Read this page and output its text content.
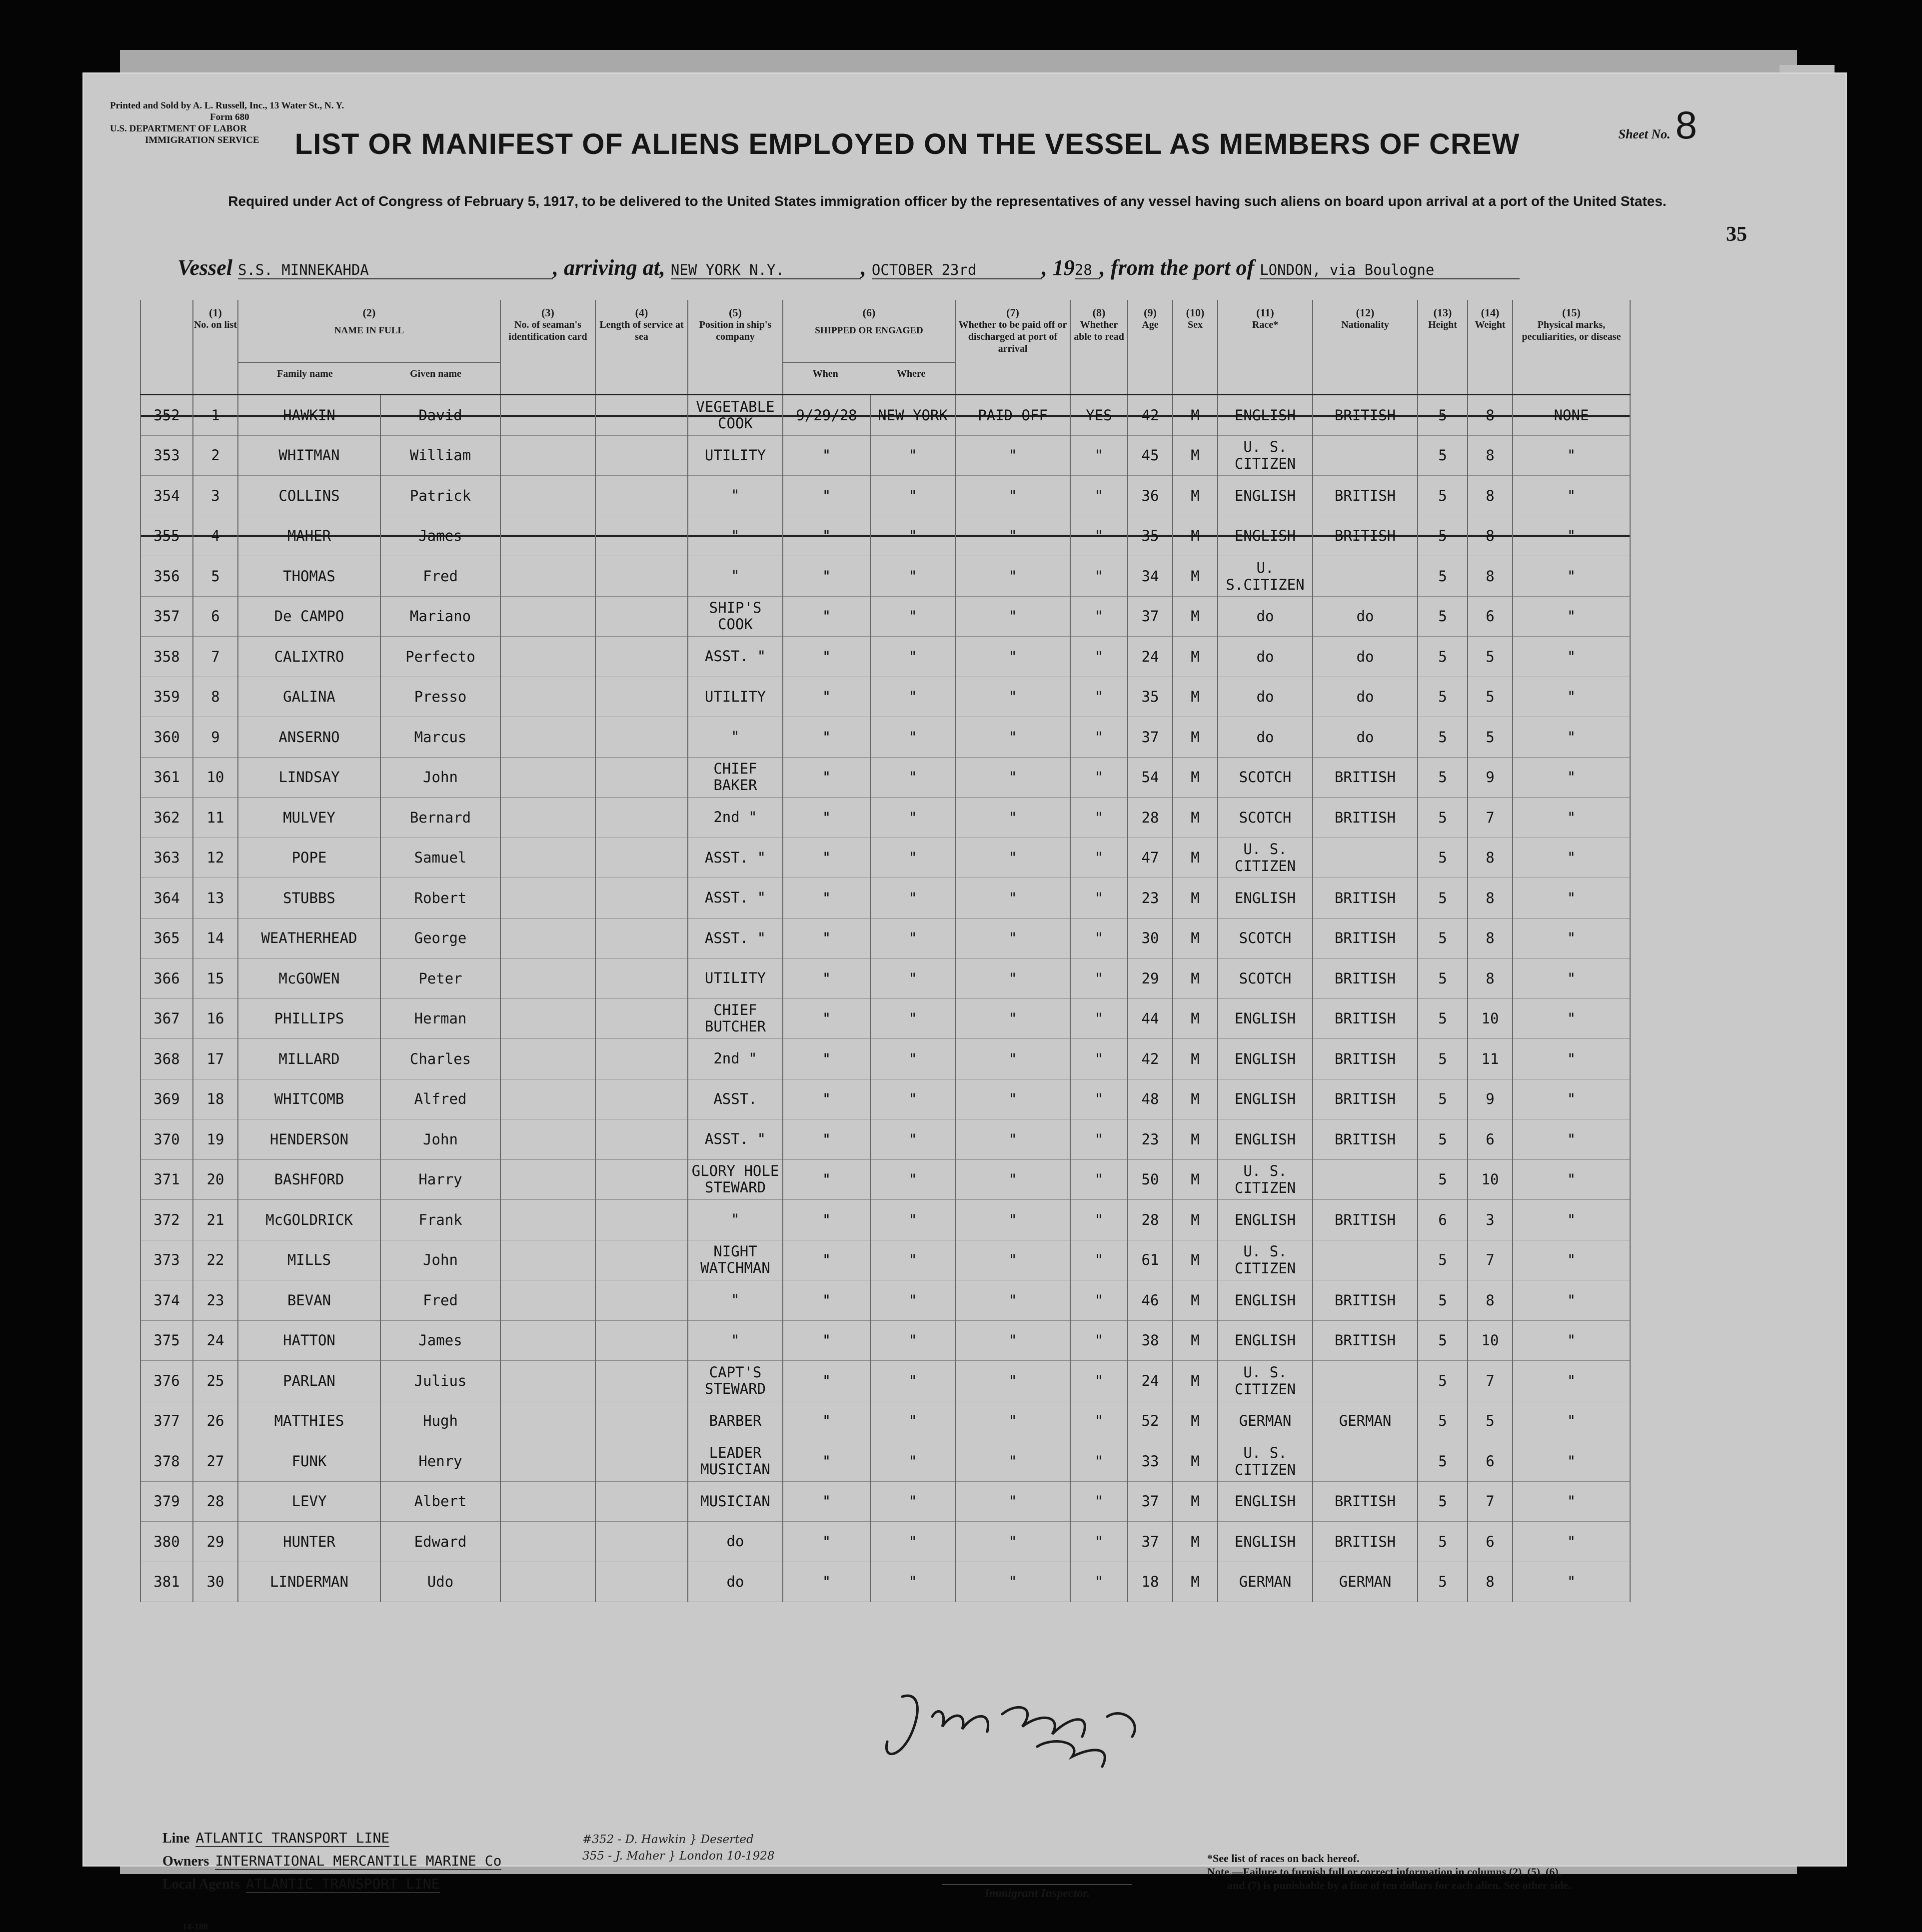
Printed and Sold by A. L. Russell, Inc., 13 Water St., N. Y.
Form 680
U.S. DEPARTMENT OF LABOR
IMMIGRATION SERVICE	Sheet No. 8
LIST OR MANIFEST OF ALIENS EMPLOYED ON THE VESSEL AS MEMBERS OF CREW
Required under Act of Congress of February 5, 1917, to be delivered to the United States immigration officer by the representatives of any vessel having such aliens on board upon arrival at a port of the United States.
35
Vessel S.S. MINNEKAHDA	, arriving at, NEW YORK N.Y.	, OCTOBER 23rd	, 1928 , from the port of LONDON, via Boulogne
	(1)	(2)		(3)	(4)	(5)	(6)		(7)	(8)	(9)	(10)	(11)	(12)	(13)	(14)	(15)
	No. on list	NAME IN FULL
Family name Given name		No. of seaman's identification card	Length of service at sea	Position in ship's company	SHIPPED OR ENGAGED
When Where		Whether to be paid off or discharged at port of arrival	Whether able to read	Age	Sex	Race*	Nationality	Height	Weight	Physical marks, peculiarities, or disease
352	1	HAWKIN	David			VEGETABLE COOK	9/29/28	NEW YORK	PAID OFF	YES	42	M	ENGLISH	BRITISH	5	8	NONE
353	2	WHITMAN	William			UTILITY	"	"	"	"	45	M	U. S. CITIZEN		5	8	"
354	3	COLLINS	Patrick			"	"	"	"	"	36	M	ENGLISH	BRITISH	5	8	"
355	4	MAHER	James			"	"	"	"	"	35	M	ENGLISH	BRITISH	5	8	"
356	5	THOMAS	Fred			"	"	"	"	"	34	M	U. S.CITIZEN		5	8	"
357	6	De CAMPO	Mariano			SHIP'S COOK	"	"	"	"	37	M	do	do	5	6	"
358	7	CALIXTRO	Perfecto			ASST. "	"	"	"	"	24	M	do	do	5	5	"
359	8	GALINA	Presso			UTILITY	"	"	"	"	35	M	do	do	5	5	"
360	9	ANSERNO	Marcus			"	"	"	"	"	37	M	do	do	5	5	"
361	10	LINDSAY	John			CHIEF BAKER	"	"	"	"	54	M	SCOTCH	BRITISH	5	9	"
362	11	MULVEY	Bernard			2nd "	"	"	"	"	28	M	SCOTCH	BRITISH	5	7	"
363	12	POPE	Samuel			ASST. "	"	"	"	"	47	M	U. S. CITIZEN		5	8	"
364	13	STUBBS	Robert			ASST. "	"	"	"	"	23	M	ENGLISH	BRITISH	5	8	"
365	14	WEATHERHEAD	George			ASST. "	"	"	"	"	30	M	SCOTCH	BRITISH	5	8	"
366	15	McGOWEN	Peter			UTILITY	"	"	"	"	29	M	SCOTCH	BRITISH	5	8	"
367	16	PHILLIPS	Herman			CHIEF BUTCHER	"	"	"	"	44	M	ENGLISH	BRITISH	5	10	"
368	17	MILLARD	Charles			2nd "	"	"	"	"	42	M	ENGLISH	BRITISH	5	11	"
369	18	WHITCOMB	Alfred			ASST.	"	"	"	"	48	M	ENGLISH	BRITISH	5	9	"
370	19	HENDERSON	John			ASST. "	"	"	"	"	23	M	ENGLISH	BRITISH	5	6	"
371	20	BASHFORD	Harry			GLORY HOLE STEWARD	"	"	"	"	50	M	U. S. CITIZEN		5	10	"
372	21	McGOLDRICK	Frank			"	"	"	"	"	28	M	ENGLISH	BRITISH	6	3	"
373	22	MILLS	John			NIGHT WATCHMAN	"	"	"	"	61	M	U. S. CITIZEN		5	7	"
374	23	BEVAN	Fred			"	"	"	"	"	46	M	ENGLISH	BRITISH	5	8	"
375	24	HATTON	James			"	"	"	"	"	38	M	ENGLISH	BRITISH	5	10	"
376	25	PARLAN	Julius			CAPT'S STEWARD	"	"	"	"	24	M	U. S. CITIZEN		5	7	"
377	26	MATTHIES	Hugh			BARBER	"	"	"	"	52	M	GERMAN	GERMAN	5	5	"
378	27	FUNK	Henry			LEADER MUSICIAN	"	"	"	"	33	M	U. S. CITIZEN		5	6	"
379	28	LEVY	Albert			MUSICIAN	"	"	"	"	37	M	ENGLISH	BRITISH	5	7	"
380	29	HUNTER	Edward			do	"	"	"	"	37	M	ENGLISH	BRITISH	5	6	"
381	30	LINDERMAN	Udo			do	"	"	"	"	18	M	GERMAN	GERMAN	5	8	"
Line ATLANTIC TRANSPORT LINE
Owners INTERNATIONAL MERCANTILE MARINE Co
Local Agents ATLANTIC TRANSPORT LINE
#352 - D. Hawkin } Deserted
355 - J. Maher } London 10-1928
Immigrant Inspector.
*See list of races on back hereof.
Note.—Failure to furnish full or correct information in columns (2), (5), (6),
and (7) is punishable by a fine of ten dollars for each alien. See other side.
14-180
